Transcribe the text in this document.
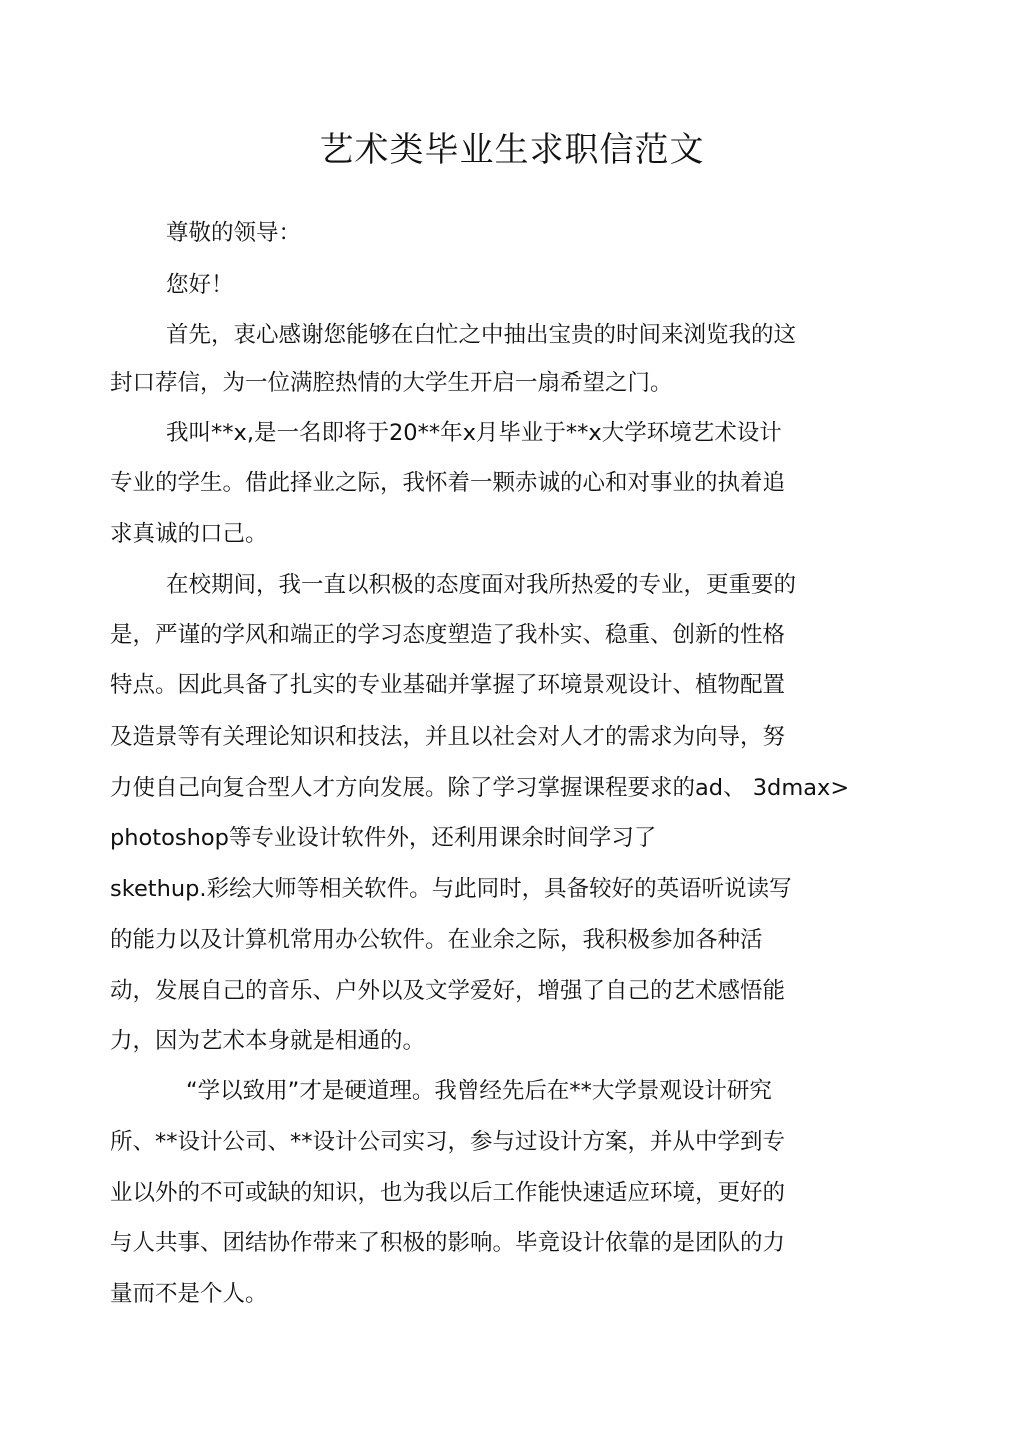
艺术类毕业生求职信范文

尊敬的领导：

您好！

首先，衷心感谢您能够在白忙之中抽出宝贵的时间来浏览我的这

封口荐信，为一位满腔热情的大学生开启一扇希望之门。

我叫**x,是一名即将于20**年x月毕业于**x大学环境艺术设计

专业的学生。借此择业之际，我怀着一颗赤诚的心和对事业的执着追

求真诚的口己。

在校期间，我一直以积极的态度面对我所热爱的专业，更重要的

是，严谨的学风和端正的学习态度塑造了我朴实、稳重、创新的性格

特点。因此具备了扎实的专业基础并掌握了环境景观设计、植物配置

及造景等有关理论知识和技法，并且以社会对人才的需求为向导，努

力使自己向复合型人才方向发展。除了学习掌握课程要求的ad、 3dmax>

photoshop等专业设计软件外，还利用课余时间学习了

skethup.彩绘大师等相关软件。与此同时，具备较好的英语听说读写

的能力以及计算机常用办公软件。在业余之际，我积极参加各种活

动，发展自己的音乐、户外以及文学爱好，增强了自己的艺术感悟能

力，因为艺术本身就是相通的。

“学以致用”才是硬道理。我曾经先后在**大学景观设计研究

所、**设计公司、**设计公司实习，参与过设计方案，并从中学到专

业以外的不可或缺的知识，也为我以后工作能快速适应环境，更好的

与人共事、团结协作带来了积极的影响。毕竟设计依靠的是团队的力

量而不是个人。
